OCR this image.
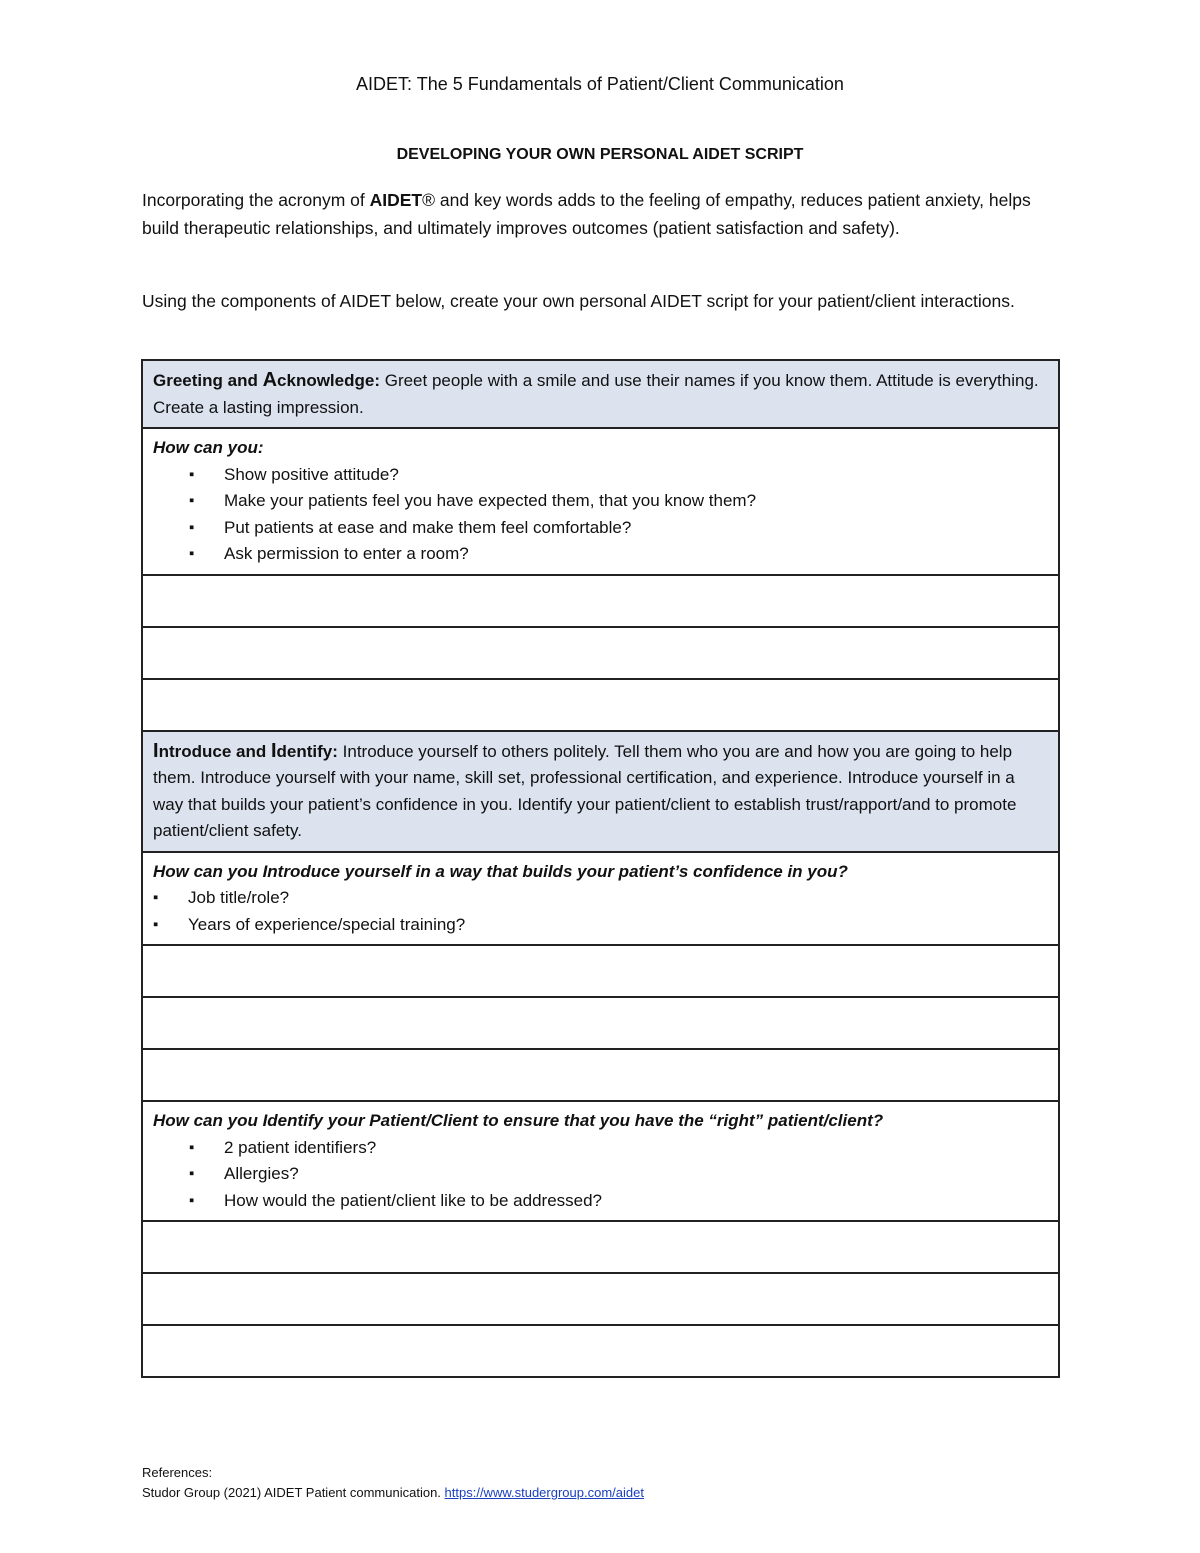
AIDET: The 5 Fundamentals of Patient/Client Communication
DEVELOPING YOUR OWN PERSONAL AIDET SCRIPT

Incorporating the acronym of AIDET® and key words adds to the feeling of empathy, reduces patient anxiety, helps build therapeutic relationships, and ultimately improves outcomes (patient satisfaction and safety).

Using the components of AIDET below, create your own personal AIDET script for your patient/client interactions.

Greeting and Acknowledge: Greet people with a smile and use their names if you know them. Attitude is everything. Create a lasting impression.

How can you:
▪ Show positive attitude?
▪ Make your patients feel you have expected them, that you know them?
▪ Put patients at ease and make them feel comfortable?
▪ Ask permission to enter a room?

Introduce and Identify: Introduce yourself to others politely. Tell them who you are and how you are going to help them. Introduce yourself with your name, skill set, professional certification, and experience. Introduce yourself in a way that builds your patient’s confidence in you. Identify your patient/client to establish trust/rapport/and to promote patient/client safety.

How can you Introduce yourself in a way that builds your patient’s confidence in you?
▪ Job title/role?
▪ Years of experience/special training?

How can you Identify your Patient/Client to ensure that you have the “right” patient/client?
▪ 2 patient identifiers?
▪ Allergies?
▪ How would the patient/client like to be addressed?

References:
Studor Group (2021) AIDET Patient communication. https://www.studergroup.com/aidet
